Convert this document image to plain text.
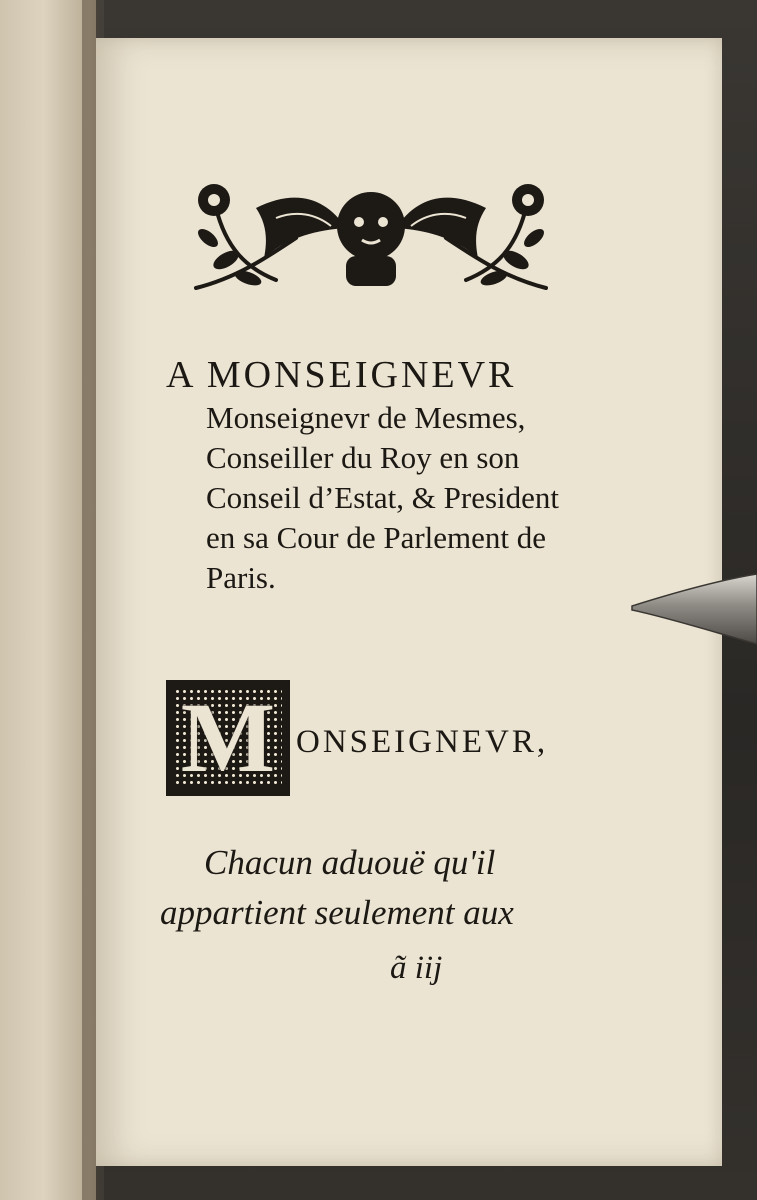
A MONSEIGNEVR
Monseignevr de Mesmes, Conseiller du Roy en son Conseil d’Estat, & President en sa Cour de Parlement de Paris.
M ONSEIGNEVR,
Chacun aduouë qu'il
appartient seulement aux
ã iij
